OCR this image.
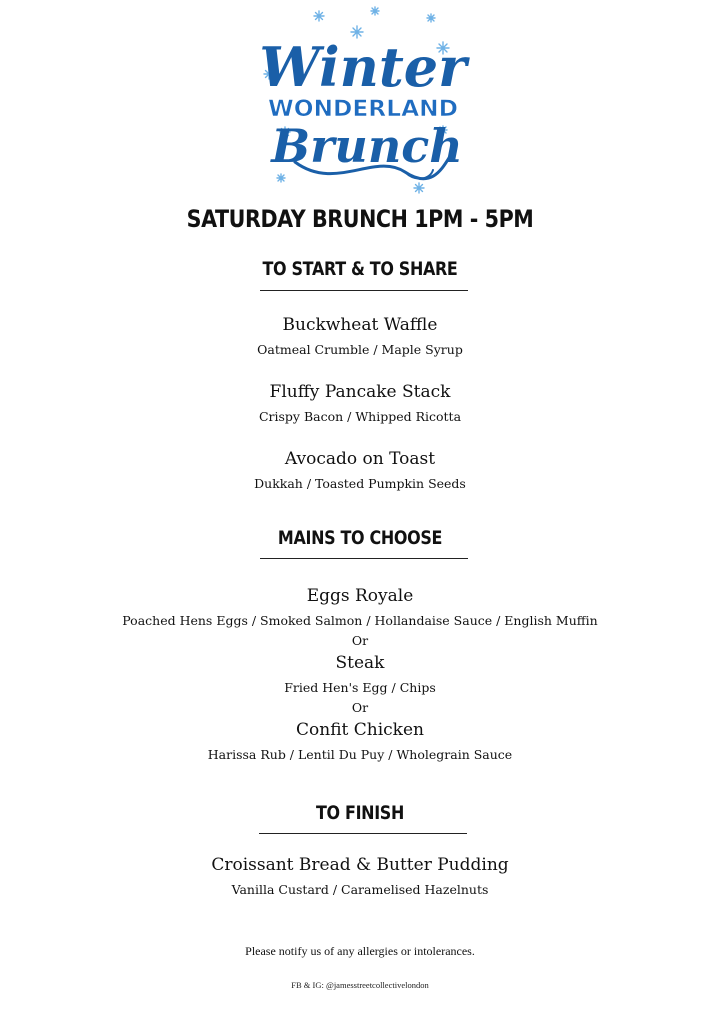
Winter
WONDERLAND
Brunch
SATURDAY BRUNCH 1PM - 5PM
TO START & TO SHARE
Buckwheat Waffle
Oatmeal Crumble / Maple Syrup
Fluffy Pancake Stack
Crispy Bacon / Whipped Ricotta
Avocado on Toast
Dukkah / Toasted Pumpkin Seeds
MAINS TO CHOOSE
Eggs Royale
Poached Hens Eggs / Smoked Salmon / Hollandaise Sauce / English Muffin
Or
Steak
Fried Hen's Egg / Chips
Or
Confit Chicken
Harissa Rub / Lentil Du Puy / Wholegrain Sauce
TO FINISH
Croissant Bread & Butter Pudding
Vanilla Custard / Caramelised Hazelnuts
Please notify us of any allergies or intolerances.
FB & IG: @jamesstreetcollectivelondon
